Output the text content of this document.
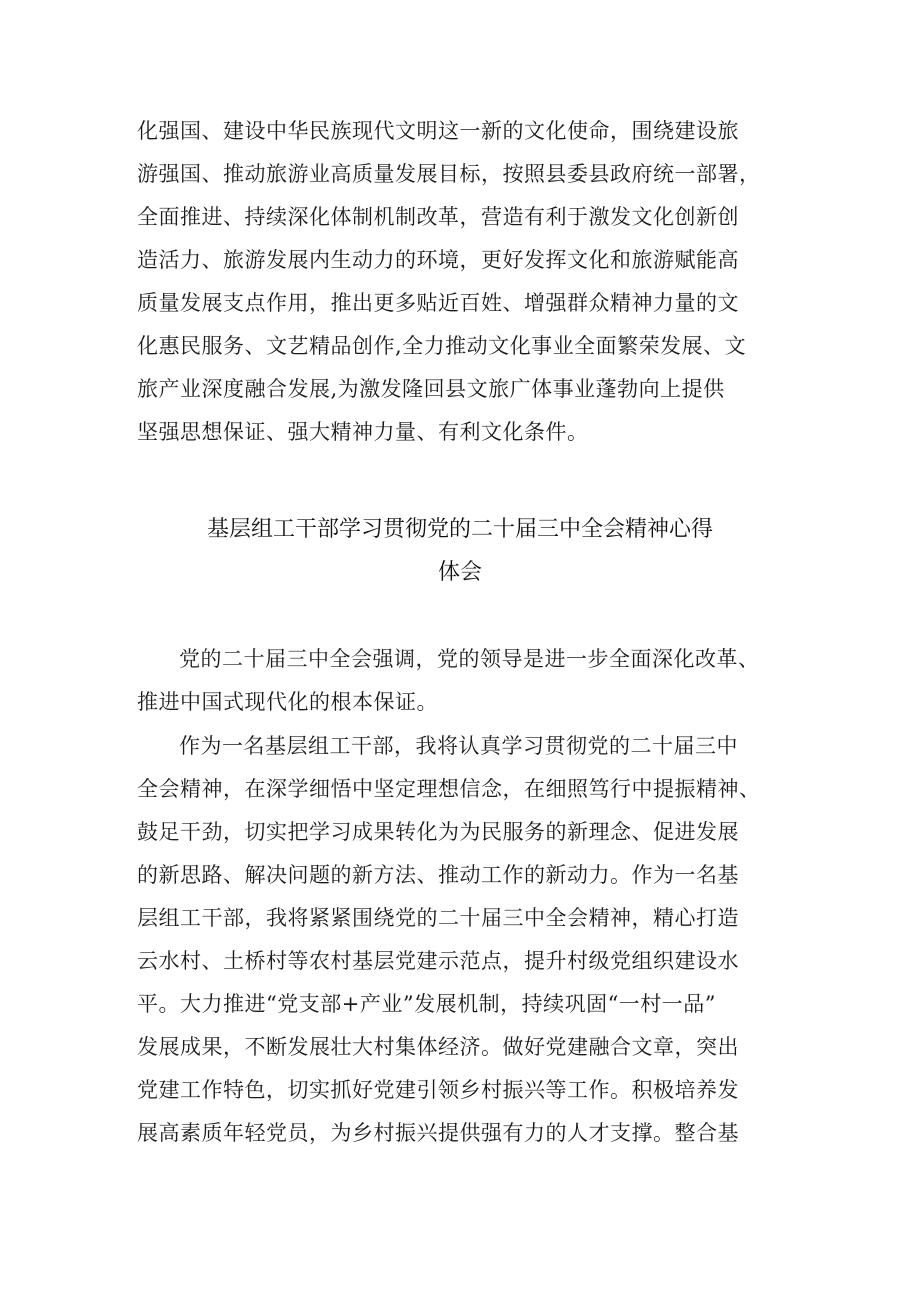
化强国、建设中华民族现代文明这一新的文化使命，围绕建设旅
游强国、推动旅游业高质量发展目标，按照县委县政府统一部署，
全面推进、持续深化体制机制改革，营造有利于激发文化创新创
造活力、旅游发展内生动力的环境，更好发挥文化和旅游赋能高
质量发展支点作用，推出更多贴近百姓、增强群众精神力量的文
化惠民服务、文艺精品创作,全力推动文化事业全面繁荣发展、文
旅产业深度融合发展,为激发隆回县文旅广体事业蓬勃向上提供
坚强思想保证、强大精神力量、有利文化条件。
基层组工干部学习贯彻党的二十届三中全会精神心得
体会
党的二十届三中全会强调，党的领导是进一步全面深化改革、
推进中国式现代化的根本保证。
作为一名基层组工干部，我将认真学习贯彻党的二十届三中
全会精神，在深学细悟中坚定理想信念，在细照笃行中提振精神、
鼓足干劲，切实把学习成果转化为为民服务的新理念、促进发展
的新思路、解决问题的新方法、推动工作的新动力。作为一名基
层组工干部，我将紧紧围绕党的二十届三中全会精神，精心打造
云水村、土桥村等农村基层党建示范点，提升村级党组织建设水
平。大力推进“党支部+产业”发展机制，持续巩固“一村一品”
发展成果，不断发展壮大村集体经济。做好党建融合文章，突出
党建工作特色，切实抓好党建引领乡村振兴等工作。积极培养发
展高素质年轻党员，为乡村振兴提供强有力的人才支撑。整合基
